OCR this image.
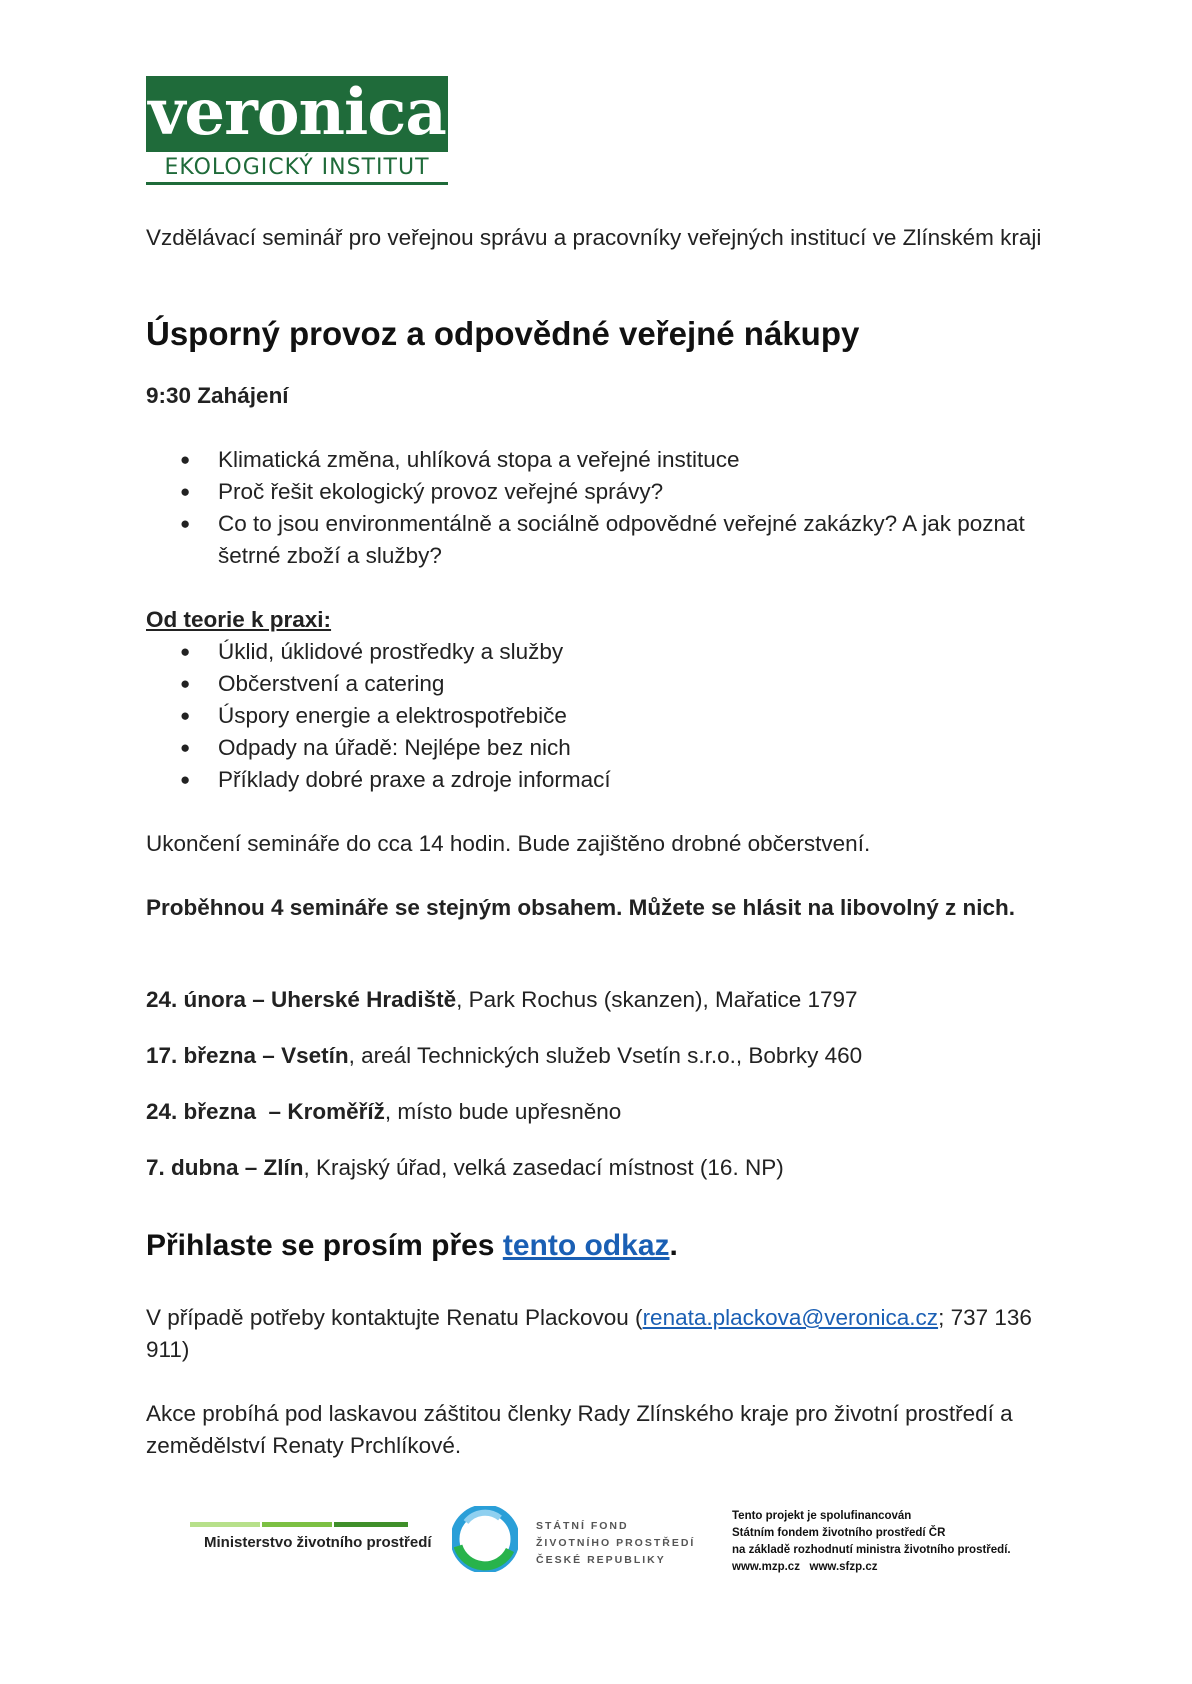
veronica
EKOLOGICKÝ INSTITUT
Vzdělávací seminář pro veřejnou správu a pracovníky veřejných institucí ve Zlínském kraji
Úsporný provoz a odpovědné veřejné nákupy
9:30 Zahájení
● Klimatická změna, uhlíková stopa a veřejné instituce
● Proč řešit ekologický provoz veřejné správy?
● Co to jsou environmentálně a sociálně odpovědné veřejné zakázky? A jak poznat šetrné zboží a služby?
Od teorie k praxi:
● Úklid, úklidové prostředky a služby
● Občerstvení a catering
● Úspory energie a elektrospotřebiče
● Odpady na úřadě: Nejlépe bez nich
● Příklady dobré praxe a zdroje informací
Ukončení semináře do cca 14 hodin. Bude zajištěno drobné občerstvení.
Proběhnou 4 semináře se stejným obsahem. Můžete se hlásit na libovolný z nich.
24. února – Uherské Hradiště, Park Rochus (skanzen), Mařatice 1797
17. března – Vsetín, areál Technických služeb Vsetín s.r.o., Bobrky 460
24. března  – Kroměříž, místo bude upřesněno
7. dubna – Zlín, Krajský úřad, velká zasedací místnost (16. NP)
Přihlaste se prosím přes tento odkaz.
V případě potřeby kontaktujte Renatu Plackovou (renata.plackova@veronica.cz; 737 136 911)
Akce probíhá pod laskavou záštitou členky Rady Zlínského kraje pro životní prostředí a zemědělství Renaty Prchlíkové.
Ministerstvo životního prostředí
STÁTNÍ FOND
ŽIVOTNÍHO PROSTŘEDÍ
ČESKÉ REPUBLIKY
Tento projekt je spolufinancován
Státním fondem životního prostředí ČR
na základě rozhodnutí ministra životního prostředí.
www.mzp.cz   www.sfzp.cz
